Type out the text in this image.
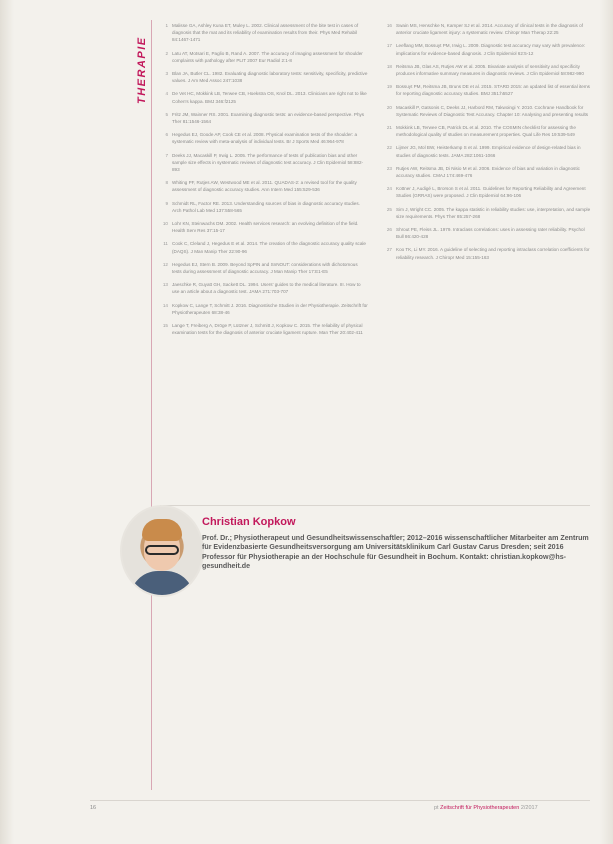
THERAPIE
1 Malisse GA, Ashley Kuna ET, Muley L. 2002. Clinical assessment of the bite test in cases of diagnosis that the mat and its reliability of examination results from their. Phys Med Rehabil 84:1467-1471
2 Latu AT, Motsari E, Paglio B, Rand A. 2007. The accuracy of imaging assessment for shoulder complaints with pathology after PLIT 2007 Eur Radiol 2:1-8
3 Blan JA, Butler CL. 1982. Evaluating diagnostic laboratory tests: sensitivity, specificity, predictive values. J Am Med Assoc 247:1038
4 De Vet HC, Mokkink LB, Terwee CB, Hoekstra OS, Knol DL. 2013. Clinicians are right not to like Cohen's kappa. BMJ 346:f2125
5 Fritz JM, Wainner RS. 2001. Examining diagnostic tests: an evidence-based perspective. Phys Ther 81:1546-1564
6 Hegedus EJ, Goode AP, Cook CE et al. 2008. Physical examination tests of the shoulder: a systematic review with meta-analysis of individual tests. Br J Sports Med 46:964-978
7 Deeks JJ, Macaskill P, Irwig L. 2005. The performance of tests of publication bias and other sample size effects in systematic reviews of diagnostic test accuracy. J Clin Epidemiol 58:882-893
8 Whiting PF, Rutjes AW, Westwood ME et al. 2011. QUADAS-2: a revised tool for the quality assessment of diagnostic accuracy studies. Ann Intern Med 155:529-536
9 Schmidt RL, Factor RE. 2013. Understanding sources of bias in diagnostic accuracy studies. Arch Pathol Lab Med 137:558-565
10 Lohr KN, Steinwachs DM. 2002. Health services research: an evolving definition of the field. Health Serv Res 37:15-17
11 Cook C, Cleland J, Hegedus E et al. 2014. The creation of the diagnostic accuracy quality scale (DAQS). J Man Manip Ther 22:90-96
12 Hegedus EJ, Stern B. 2009. Beyond SpPIN and SnNOUT: considerations with dichotomous tests during assessment of diagnostic accuracy. J Man Manip Ther 17:E1-E5
13 Jaeschke R, Guyatt GH, Sackett DL. 1994. Users' guides to the medical literature. III. How to use an article about a diagnostic test. JAMA 271:703-707
14 Kopkow C, Lange T, Schmitt J. 2016. Diagnostische Studien in der Physiotherapie. Zeitschrift für Physiotherapeuten 68:38-46
15 Lange T, Freiberg A, Dröge P, Lützner J, Schmitt J, Kopkow C. 2015. The reliability of physical examination tests for the diagnosis of anterior cruciate ligament rupture. Man Ther 20:402-411
16 Swain MS, Henschke N, Kamper SJ et al. 2014. Accuracy of clinical tests in the diagnosis of anterior cruciate ligament injury: a systematic review. Chiropr Man Therap 22:25
17 Leeflang MM, Bossuyt PM, Irwig L. 2009. Diagnostic test accuracy may vary with prevalence: implications for evidence-based diagnosis. J Clin Epidemiol 62:5-12
18 Reitsma JB, Glas AS, Rutjes AW et al. 2005. Bivariate analysis of sensitivity and specificity produces informative summary measures in diagnostic reviews. J Clin Epidemiol 58:982-990
19 Bossuyt PM, Reitsma JB, Bruns DE et al. 2015. STARD 2015: an updated list of essential items for reporting diagnostic accuracy studies. BMJ 351:h5527
20 Macaskill P, Gatsonis C, Deeks JJ, Harbord RM, Takwoingi Y. 2010. Cochrane Handbook for Systematic Reviews of Diagnostic Test Accuracy. Chapter 10: Analysing and presenting results
21 Mokkink LB, Terwee CB, Patrick DL et al. 2010. The COSMIN checklist for assessing the methodological quality of studies on measurement properties. Qual Life Res 19:539-549
22 Lijmer JG, Mol BW, Heisterkamp S et al. 1999. Empirical evidence of design-related bias in studies of diagnostic tests. JAMA 282:1061-1066
23 Rutjes AW, Reitsma JB, Di Nisio M et al. 2006. Evidence of bias and variation in diagnostic accuracy studies. CMAJ 174:469-476
24 Kottner J, Audigé L, Brorson S et al. 2011. Guidelines for Reporting Reliability and Agreement Studies (GRRAS) were proposed. J Clin Epidemiol 64:96-106
25 Sim J, Wright CC. 2005. The kappa statistic in reliability studies: use, interpretation, and sample size requirements. Phys Ther 85:257-268
26 Shrout PE, Fleiss JL. 1979. Intraclass correlations: uses in assessing rater reliability. Psychol Bull 86:420-428
27 Koo TK, Li MY. 2016. A guideline of selecting and reporting intraclass correlation coefficients for reliability research. J Chiropr Med 15:155-163
Christian Kopkow
Prof. Dr.; Physiotherapeut und Gesundheitswissenschaftler; 2012–2016 wissenschaftlicher Mitarbeiter am Zentrum für Evidenzbasierte Gesundheitsversorgung am Universitätsklinikum Carl Gustav Carus Dresden; seit 2016 Professor für Physiotherapie an der Hochschule für Gesundheit in Bochum. Kontakt: christian.kopkow@hs-gesundheit.de
16	pt Zeitschrift für Physiotherapeuten 2/2017
